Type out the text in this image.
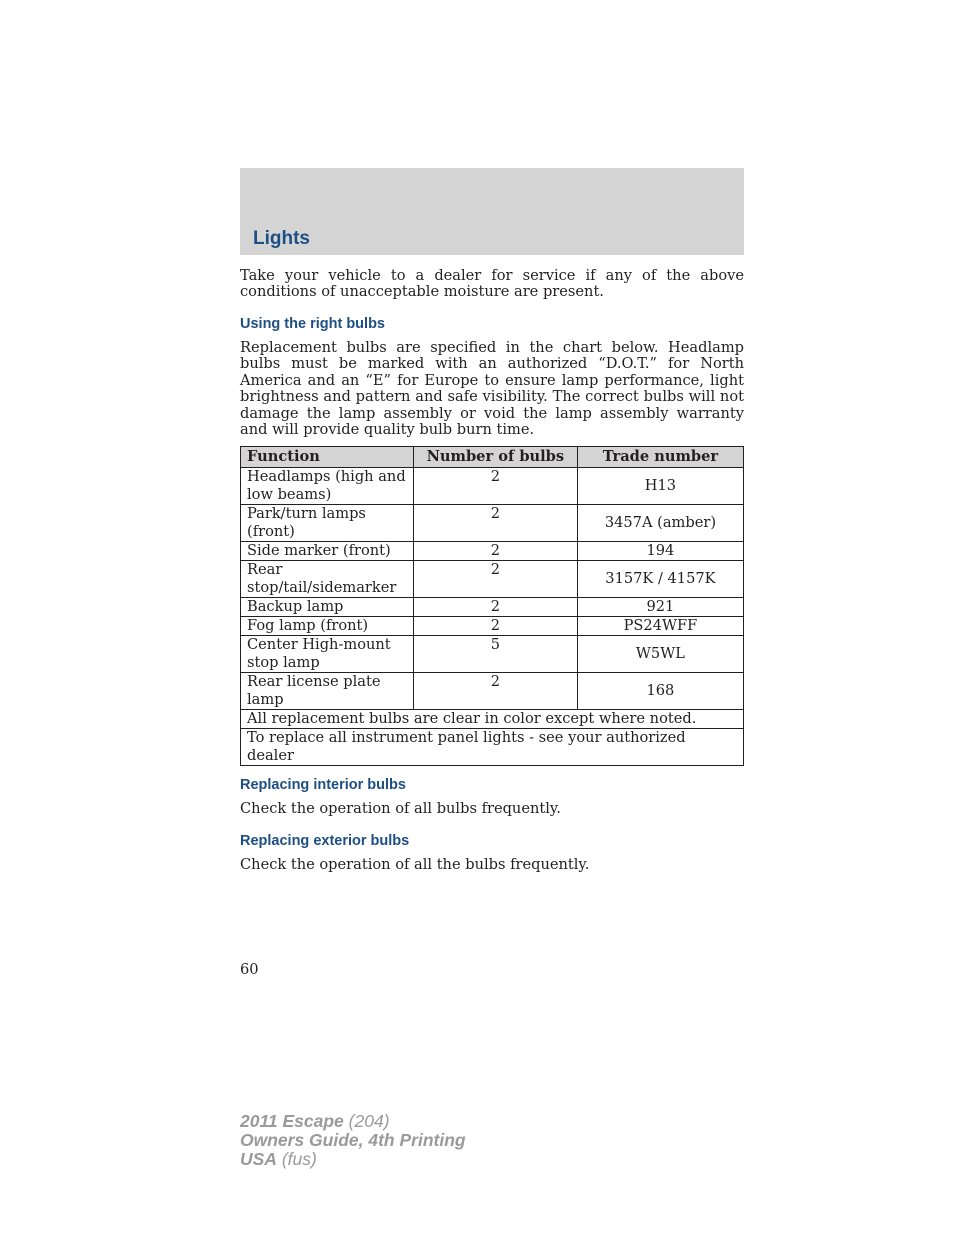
Lights

Take your vehicle to a dealer for service if any of the above conditions of unacceptable moisture are present.

Using the right bulbs

Replacement bulbs are specified in the chart below. Headlamp bulbs must be marked with an authorized “D.O.T.” for North America and an “E” for Europe to ensure lamp performance, light brightness and pattern and safe visibility. The correct bulbs will not damage the lamp assembly or void the lamp assembly warranty and will provide quality bulb burn time.

Function	Number of bulbs	Trade number
Headlamps (high and low beams)	2	H13
Park/turn lamps (front)	2	3457A (amber)
Side marker (front)	2	194
Rear stop/tail/sidemarker	2	3157K / 4157K
Backup lamp	2	921
Fog lamp (front)	2	PS24WFF
Center High-mount stop lamp	5	W5WL
Rear license plate lamp	2	168
All replacement bulbs are clear in color except where noted.		
To replace all instrument panel lights - see your authorized dealer		
Replacing interior bulbs

Check the operation of all bulbs frequently.

Replacing exterior bulbs

Check the operation of all the bulbs frequently.

60

2011 Escape (204)
Owners Guide, 4th Printing
USA (fus)
